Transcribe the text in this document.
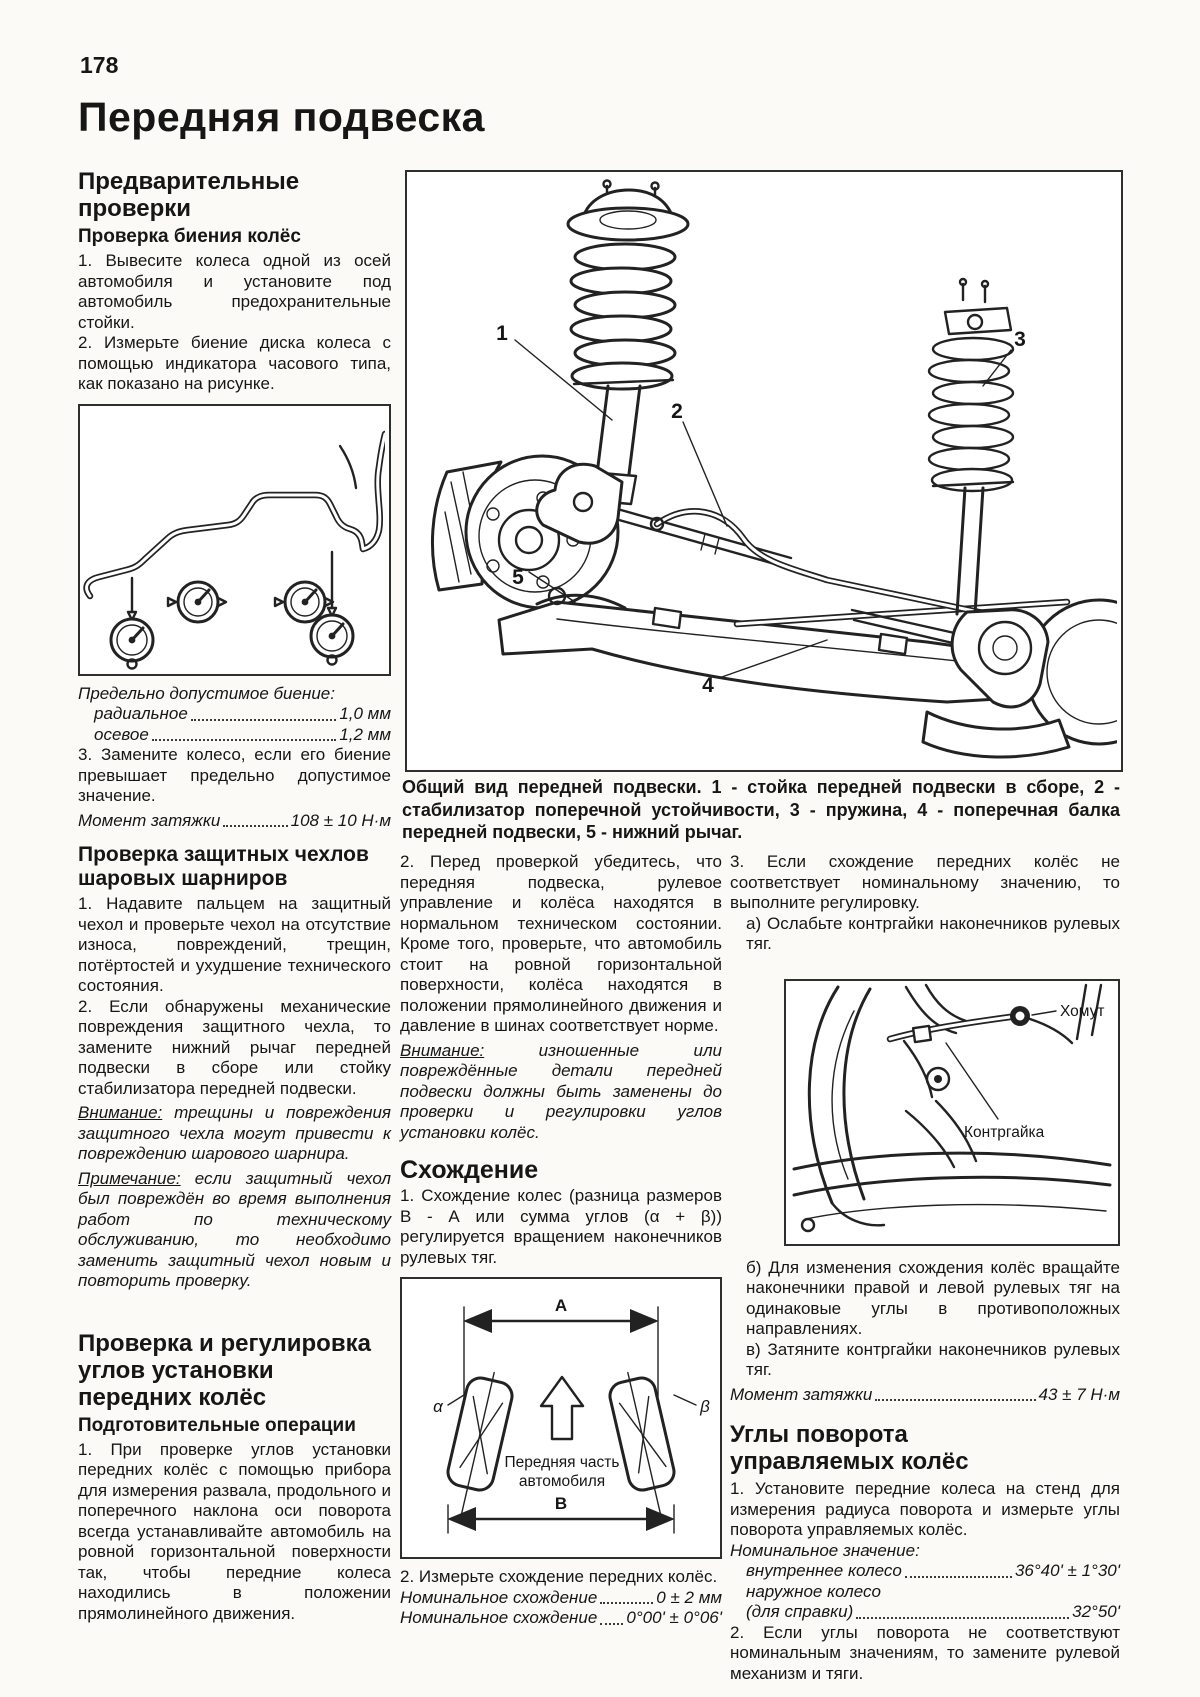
178
Передняя подвеска
Предварительные проверки
Проверка биения колёс

1. Вывесите колеса одной из осей автомобиля и установите под автомобиль предохранительные стойки.

2. Измерьте биение диска колеса с помощью индикатора часового типа, как показано на рисунке.

Предельно допустимое биение:

радиальное	1,0 мм
осевое	1,2 мм

3. Замените колесо, если его биение превышает предельно допустимое значение.

Момент затяжки	108 ± 10 Н·м
Проверка защитных чехлов шаровых шарниров

1. Надавите пальцем на защитный чехол и проверьте чехол на отсутствие износа, повреждений, трещин, потёртостей и ухудшение технического состояния.

2. Если обнаружены механические повреждения защитного чехла, то замените нижний рычаг передней подвески в сборе или стойку стабилизатора передней подвески.

Внимание: трещины и повреждения защитного чехла могут привести к повреждению шарового шарнира.

Примечание: если защитный чехол был повреждён во время выполнения работ по техническому обслуживанию, то необходимо заменить защитный чехол новым и повторить проверку.

Проверка и регулировка углов установки передних колёс
Подготовительные операции

1. При проверке углов установки передних колёс с помощью прибора для измерения развала, продольного и поперечного наклона оси поворота всегда устанавливайте автомобиль на ровной горизонтальной поверхности так, чтобы передние колеса находились в положении прямолинейного движения.

1
2
3
4
5
Общий вид передней подвески. 1 - стойка передней подвески в сборе, 2 - стабилизатор поперечной устойчивости, 3 - пружина, 4 - поперечная балка передней подвески, 5 - нижний рычаг.

2. Перед проверкой убедитесь, что передняя подвеска, рулевое управление и колёса находятся в нормальном техническом состоянии. Кроме того, проверьте, что автомобиль стоит на ровной горизонтальной поверхности, колёса находятся в положении прямолинейного движения и давление в шинах соответствует норме.

Внимание: изношенные или повреждённые детали передней подвески должны быть заменены до проверки и регулировки углов установки колёс.

Схождение

1. Схождение колес (разница размеров В - А или сумма углов (α + β)) регулируется вращением наконечников рулевых тяг.

А
α	β
Передняя часть
автомобиля
В

2. Измерьте схождение передних колёс.

Номинальное схождение	0 ± 2 мм
Номинальное схождение 0°00' ± 0°06'

3. Если схождение передних колёс не соответствует номинальному значению, то выполните регулировку.

а) Ослабьте контргайки наконечников рулевых тяг.

Хомут
Контргайка

б) Для изменения схождения колёс вращайте наконечники правой и левой рулевых тяг на одинаковые углы в противоположных направлениях.

в) Затяните контргайки наконечников рулевых тяг.

Момент затяжки	43 ± 7 Н·м
Углы поворота управляемых колёс

1. Установите передние колеса на стенд для измерения радиуса поворота и измерьте углы поворота управляемых колёс.

Номинальное значение:

внутреннее колесо	36°40' ± 1°30'

наружное колесо

(для справки)	32°50'

2. Если углы поворота не соответствуют номинальным значениям, то замените рулевой механизм и тяги.
